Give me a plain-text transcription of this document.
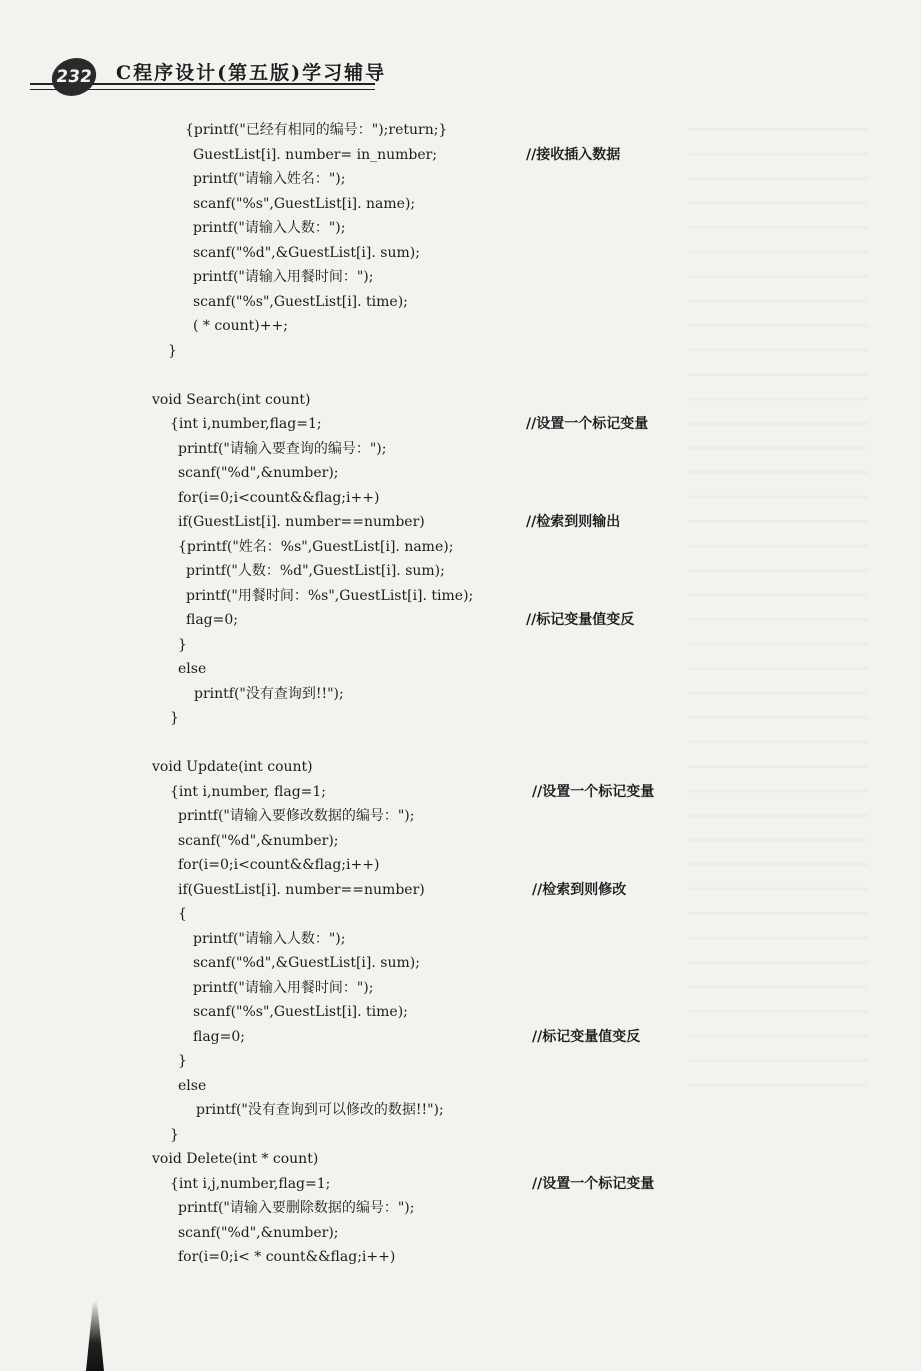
232 C程序设计(第五版)学习辅导
{printf("已经有相同的编号：");return;}
GuestList[i]. number= in_number;	//接收插入数据
printf("请输入姓名：");
scanf("%s",GuestList[i]. name);
printf("请输入人数：");
scanf("%d",&GuestList[i]. sum);
printf("请输入用餐时间：");
scanf("%s",GuestList[i]. time);
( * count)++;
}
void Search(int count)
{int i,number,flag=1;	//设置一个标记变量
printf("请输入要查询的编号：");
scanf("%d",&number);
for(i=0;i<count&&flag;i++)
if(GuestList[i]. number==number)	//检索到则输出
{printf("姓名：%s",GuestList[i]. name);
printf("人数：%d",GuestList[i]. sum);
printf("用餐时间：%s",GuestList[i]. time);
flag=0;	//标记变量值变反
}
else
printf("没有查询到!!");
}
void Update(int count)
{int i,number, flag=1;	//设置一个标记变量
printf("请输入要修改数据的编号：");
scanf("%d",&number);
for(i=0;i<count&&flag;i++)
if(GuestList[i]. number==number)	//检索到则修改
{
printf("请输入人数：");
scanf("%d",&GuestList[i]. sum);
printf("请输入用餐时间：");
scanf("%s",GuestList[i]. time);
flag=0;	//标记变量值变反
}
else
printf("没有查询到可以修改的数据!!");
}
void Delete(int * count)
{int i,j,number,flag=1;	//设置一个标记变量
printf("请输入要删除数据的编号：");
scanf("%d",&number);
for(i=0;i< * count&&flag;i++)
